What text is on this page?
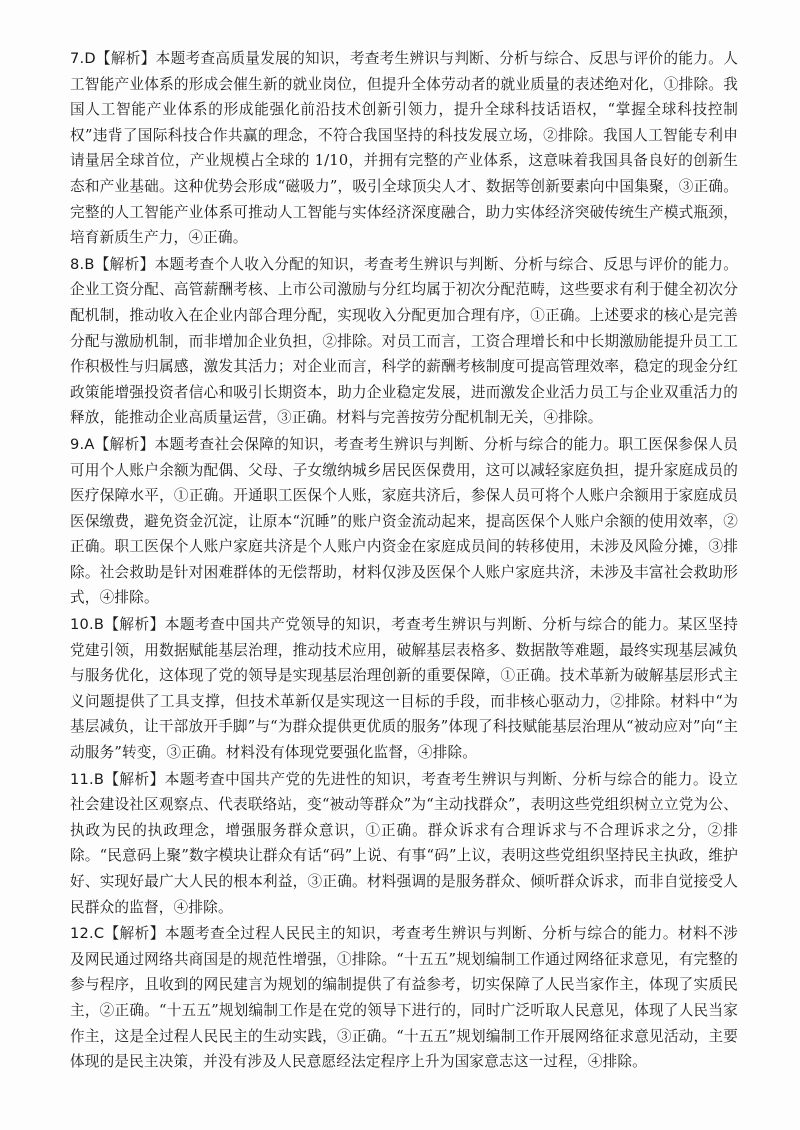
7.D【解析】本题考查高质量发展的知识，考查考生辨识与判断、分析与综合、反思与评价的能力。人工智能产业体系的形成会催生新的就业岗位，但提升全体劳动者的就业质量的表述绝对化，①排除。我国人工智能产业体系的形成能强化前沿技术创新引领力，提升全球科技话语权，“掌握全球科技控制权”违背了国际科技合作共赢的理念，不符合我国坚持的科技发展立场，②排除。我国人工智能专利申请量居全球首位，产业规模占全球的 1/10，并拥有完整的产业体系，这意味着我国具备良好的创新生态和产业基础。这种优势会形成“磁吸力”，吸引全球顶尖人才、数据等创新要素向中国集聚，③正确。完整的人工智能产业体系可推动人工智能与实体经济深度融合，助力实体经济突破传统生产模式瓶颈，培育新质生产力，④正确。

8.B【解析】本题考查个人收入分配的知识，考查考生辨识与判断、分析与综合、反思与评价的能力。企业工资分配、高管薪酬考核、上市公司激励与分红均属于初次分配范畴，这些要求有利于健全初次分配机制，推动收入在企业内部合理分配，实现收入分配更加合理有序，①正确。上述要求的核心是完善分配与激励机制，而非增加企业负担，②排除。对员工而言，工资合理增长和中长期激励能提升员工工作积极性与归属感，激发其活力；对企业而言，科学的薪酬考核制度可提高管理效率，稳定的现金分红政策能增强投资者信心和吸引长期资本，助力企业稳定发展，进而激发企业活力员工与企业双重活力的释放，能推动企业高质量运营，③正确。材料与完善按劳分配机制无关，④排除。

9.A【解析】本题考查社会保障的知识，考查考生辨识与判断、分析与综合的能力。职工医保参保人员可用个人账户余额为配偶、父母、子女缴纳城乡居民医保费用，这可以减轻家庭负担，提升家庭成员的医疗保障水平，①正确。开通职工医保个人账，家庭共济后，参保人员可将个人账户余额用于家庭成员医保缴费，避免资金沉淀，让原本“沉睡”的账户资金流动起来，提高医保个人账户余额的使用效率，②正确。职工医保个人账户家庭共济是个人账户内资金在家庭成员间的转移使用，未涉及风险分摊，③排除。社会救助是针对困难群体的无偿帮助，材料仅涉及医保个人账户家庭共济，未涉及丰富社会救助形式，④排除。

10.B【解析】本题考查中国共产党领导的知识，考查考生辨识与判断、分析与综合的能力。某区坚持党建引领，用数据赋能基层治理，推动技术应用，破解基层表格多、数据散等难题，最终实现基层减负与服务优化，这体现了党的领导是实现基层治理创新的重要保障，①正确。技术革新为破解基层形式主义问题提供了工具支撑，但技术革新仅是实现这一目标的手段，而非核心驱动力，②排除。材料中“为基层减负，让干部放开手脚”与“为群众提供更优质的服务”体现了科技赋能基层治理从“被动应对”向“主动服务”转变，③正确。材料没有体现党要强化监督，④排除。

11.B【解析】本题考查中国共产党的先进性的知识，考查考生辨识与判断、分析与综合的能力。设立社会建设社区观察点、代表联络站，变“被动等群众”为“主动找群众”，表明这些党组织树立立党为公、执政为民的执政理念，增强服务群众意识，①正确。群众诉求有合理诉求与不合理诉求之分，②排除。“民意码上聚”数字模块让群众有话“码”上说、有事“码”上议，表明这些党组织坚持民主执政，维护好、实现好最广大人民的根本利益，③正确。材料强调的是服务群众、倾听群众诉求，而非自觉接受人民群众的监督，④排除。

12.C【解析】本题考查全过程人民民主的知识，考查考生辨识与判断、分析与综合的能力。材料不涉及网民通过网络共商国是的规范性增强，①排除。“十五五”规划编制工作通过网络征求意见，有完整的参与程序，且收到的网民建言为规划的编制提供了有益参考，切实保障了人民当家作主，体现了实质民主，②正确。“十五五”规划编制工作是在党的领导下进行的，同时广泛听取人民意见，体现了人民当家作主，这是全过程人民民主的生动实践，③正确。“十五五”规划编制工作开展网络征求意见活动，主要体现的是民主决策，并没有涉及人民意愿经法定程序上升为国家意志这一过程，④排除。
